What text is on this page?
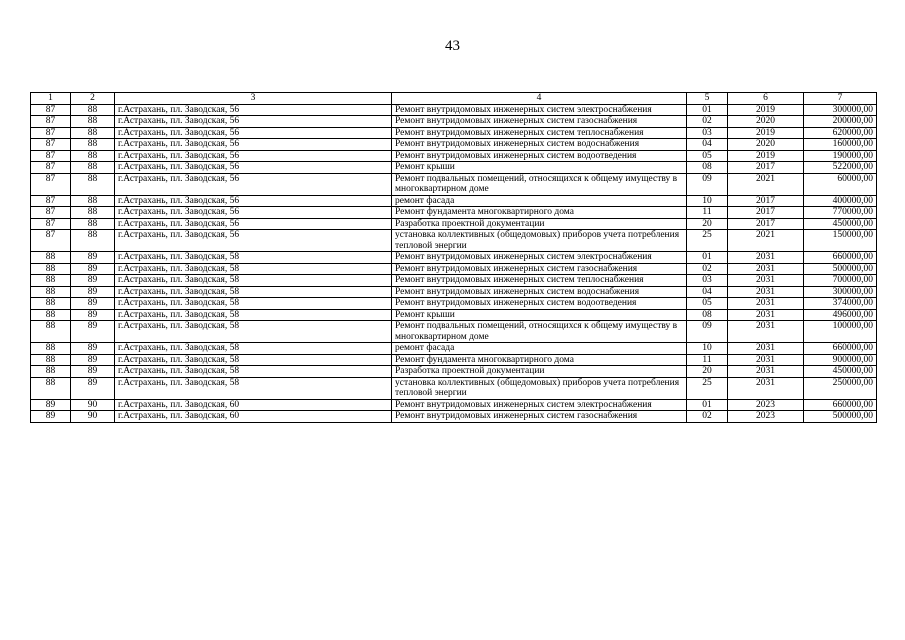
43
1	2	3	4	5	6	7
87	88	г.Астрахань, пл. Заводская, 56	Ремонт внутридомовых инженерных систем электроснабжения	01	2019	300000,00
87	88	г.Астрахань, пл. Заводская, 56	Ремонт внутридомовых инженерных систем газоснабжения	02	2020	200000,00
87	88	г.Астрахань, пл. Заводская, 56	Ремонт внутридомовых инженерных систем теплоснабжения	03	2019	620000,00
87	88	г.Астрахань, пл. Заводская, 56	Ремонт внутридомовых инженерных систем водоснабжения	04	2020	160000,00
87	88	г.Астрахань, пл. Заводская, 56	Ремонт внутридомовых инженерных систем водоотведения	05	2019	190000,00
87	88	г.Астрахань, пл. Заводская, 56	Ремонт крыши	08	2017	522000,00
87	88	г.Астрахань, пл. Заводская, 56	Ремонт подвальных помещений, относящихся к общему имуществу в многоквартирном доме	09	2021	60000,00
87	88	г.Астрахань, пл. Заводская, 56	ремонт фасада	10	2017	400000,00
87	88	г.Астрахань, пл. Заводская, 56	Ремонт фундамента многоквартирного дома	11	2017	770000,00
87	88	г.Астрахань, пл. Заводская, 56	Разработка проектной документации	20	2017	450000,00
87	88	г.Астрахань, пл. Заводская, 56	установка коллективных (общедомовых) приборов учета потребления тепловой энергии	25	2021	150000,00
88	89	г.Астрахань, пл. Заводская, 58	Ремонт внутридомовых инженерных систем электроснабжения	01	2031	660000,00
88	89	г.Астрахань, пл. Заводская, 58	Ремонт внутридомовых инженерных систем газоснабжения	02	2031	500000,00
88	89	г.Астрахань, пл. Заводская, 58	Ремонт внутридомовых инженерных систем теплоснабжения	03	2031	700000,00
88	89	г.Астрахань, пл. Заводская, 58	Ремонт внутридомовых инженерных систем водоснабжения	04	2031	300000,00
88	89	г.Астрахань, пл. Заводская, 58	Ремонт внутридомовых инженерных систем водоотведения	05	2031	374000,00
88	89	г.Астрахань, пл. Заводская, 58	Ремонт крыши	08	2031	496000,00
88	89	г.Астрахань, пл. Заводская, 58	Ремонт подвальных помещений, относящихся к общему имуществу в многоквартирном доме	09	2031	100000,00
88	89	г.Астрахань, пл. Заводская, 58	ремонт фасада	10	2031	660000,00
88	89	г.Астрахань, пл. Заводская, 58	Ремонт фундамента многоквартирного дома	11	2031	900000,00
88	89	г.Астрахань, пл. Заводская, 58	Разработка проектной документации	20	2031	450000,00
88	89	г.Астрахань, пл. Заводская, 58	установка коллективных (общедомовых) приборов учета потребления тепловой энергии	25	2031	250000,00
89	90	г.Астрахань, пл. Заводская, 60	Ремонт внутридомовых инженерных систем электроснабжения	01	2023	660000,00
89	90	г.Астрахань, пл. Заводская, 60	Ремонт внутридомовых инженерных систем газоснабжения	02	2023	500000,00
